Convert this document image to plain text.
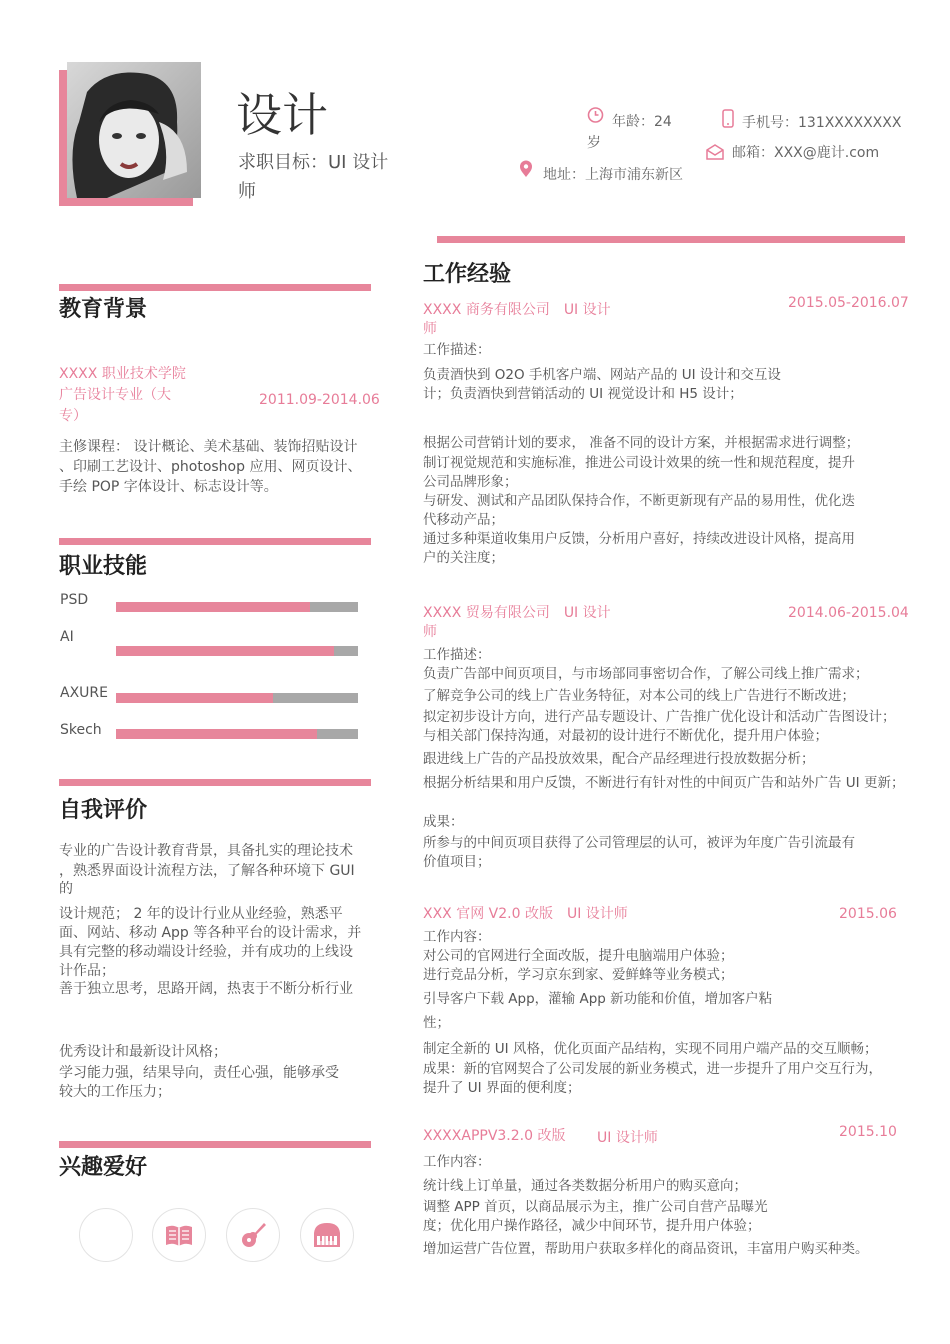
设计
求职目标：UI 设计
师
年龄：24
岁
手机号：131XXXXXXXX
邮箱：XXX@鹿计.com
地址：上海市浦东新区
教育背景
XXXX 职业技术学院
广告设计专业（大
专）
2011.09-2014.06
主修课程： 设计概论、美术基础、装饰招贴设计
、印刷工艺设计、photoshop 应用、网页设计、
手绘 POP 字体设计、标志设计等。
职业技能
PSD
AI
AXURE
Skech
自我评价
专业的广告设计教育背景，具备扎实的理论技术
，熟悉界面设计流程方法，了解各种环境下 GUI
的
设计规范； 2 年的设计行业从业经验，熟悉平
面、网站、移动 App 等各种平台的设计需求，并
具有完整的移动端设计经验，并有成功的上线设
计作品；
善于独立思考，思路开阔，热衷于不断分析行业
优秀设计和最新设计风格；
学习能力强，结果导向，责任心强，能够承受
较大的工作压力；
兴趣爱好
工作经验
XXXX 商务有限公司　UI 设计
师
2015.05-2016.07
工作描述：
负责酒快到 O2O 手机客户端、网站产品的 UI 设计和交互设
计；负责酒快到营销活动的 UI 视觉设计和 H5 设计；
根据公司营销计划的要求， 准备不同的设计方案，并根据需求进行调整；
制订视觉规范和实施标准，推进公司设计效果的统一性和规范程度，提升
公司品牌形象；
与研发、测试和产品团队保持合作，不断更新现有产品的易用性，优化迭
代移动产品；
通过多种渠道收集用户反馈，分析用户喜好，持续改进设计风格，提高用
户的关注度；
XXXX 贸易有限公司　UI 设计
师
2014.06-2015.04
工作描述：
负责广告部中间页项目，与市场部同事密切合作，了解公司线上推广需求；
了解竞争公司的线上广告业务特征，对本公司的线上广告进行不断改进；
拟定初步设计方向，进行产品专题设计、广告推广优化设计和活动广告图设计；
与相关部门保持沟通，对最初的设计进行不断优化，提升用户体验；
跟进线上广告的产品投放效果，配合产品经理进行投放数据分析；
根据分析结果和用户反馈，不断进行有针对性的中间页广告和站外广告 UI 更新；
成果：
所参与的中间页项目获得了公司管理层的认可，被评为年度广告引流最有
价值项目；
XXX 官网 V2.0 改版　UI 设计师	2015.06
工作内容：
对公司的官网进行全面改版，提升电脑端用户体验；
进行竞品分析，学习京东到家、爱鲜蜂等业务模式；
引导客户下载 App，灌输 App 新功能和价值，增加客户粘
性；
制定全新的 UI 风格，优化页面产品结构，实现不同用户端产品的交互顺畅；
成果：新的官网契合了公司发展的新业务模式，进一步提升了用户交互行为，
提升了 UI 界面的便利度；
XXXXAPPV3.2.0 改版 UI 设计师	2015.10
工作内容：
统计线上订单量，通过各类数据分析用户的购买意向；
调整 APP 首页，以商品展示为主，推广公司自营产品曝光
度；优化用户操作路径，减少中间环节，提升用户体验；
增加运营广告位置，帮助用户获取多样化的商品资讯，丰富用户购买种类。
